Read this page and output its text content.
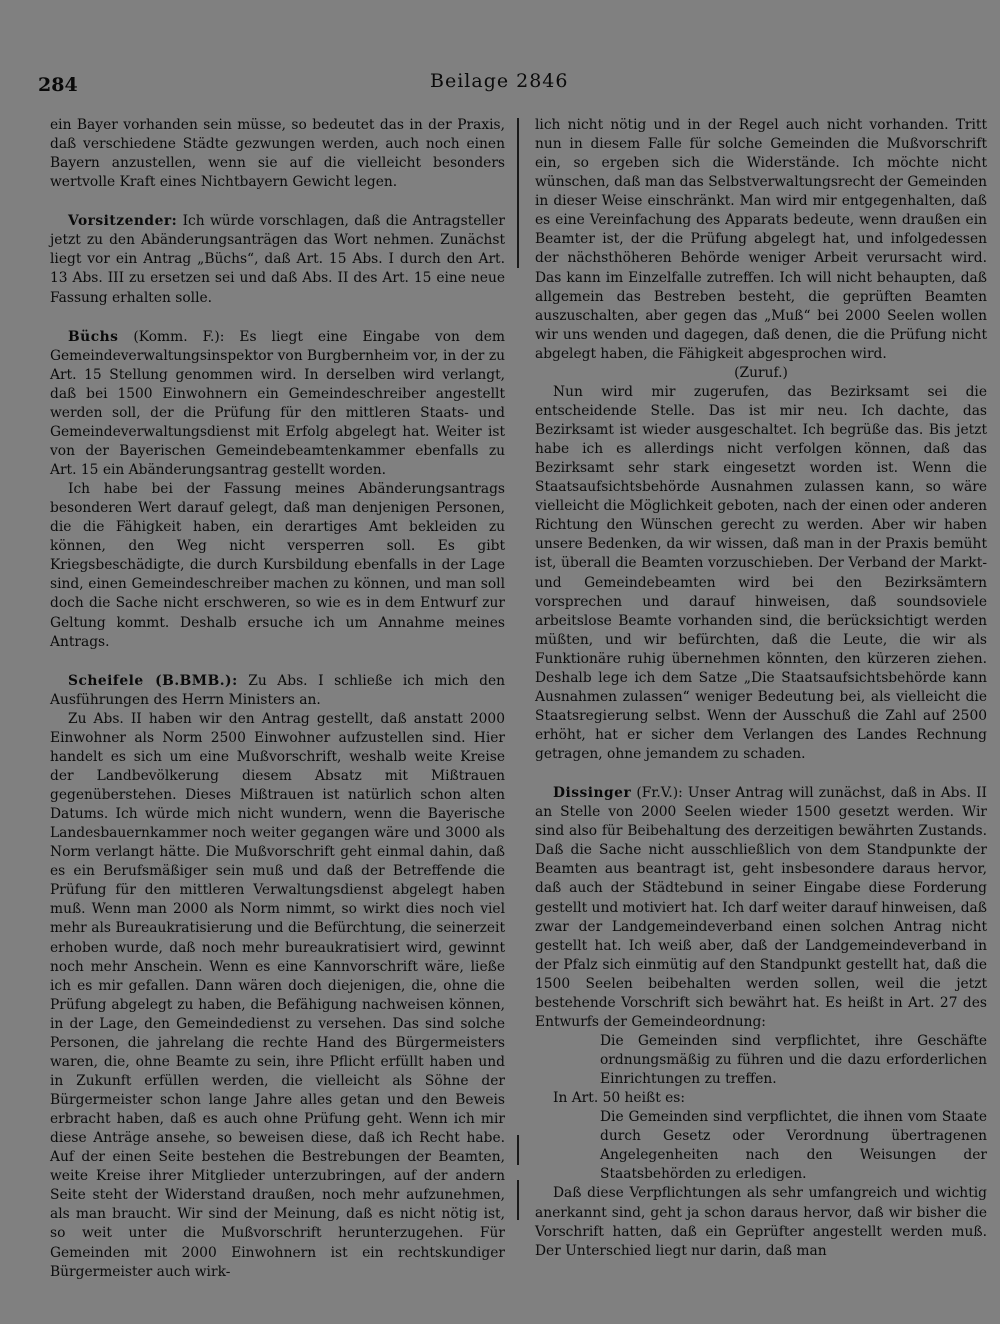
284	Beilage 2846

ein Bayer vorhanden sein müsse, so bedeutet das in der Praxis, daß verschiedene Städte gezwungen werden, auch noch einen Bayern anzustellen, wenn sie auf die vielleicht besonders wertvolle Kraft eines Nichtbayern Gewicht legen.

Vorsitzender: Ich würde vorschlagen, daß die Antragsteller jetzt zu den Abänderungsanträgen das Wort nehmen. Zunächst liegt vor ein Antrag „Büchs“, daß Art. 15 Abs. I durch den Art. 13 Abs. III zu ersetzen sei und daß Abs. II des Art. 15 eine neue Fassung erhalten solle.

Büchs (Komm. F.): Es liegt eine Eingabe von dem Gemeindeverwaltungsinspektor von Burgbernheim vor, in der zu Art. 15 Stellung genommen wird. In derselben wird verlangt, daß bei 1500 Einwohnern ein Gemeindeschreiber angestellt werden soll, der die Prüfung für den mittleren Staats- und Gemeindeverwaltungsdienst mit Erfolg abgelegt hat. Weiter ist von der Bayerischen Gemeindebeamtenkammer ebenfalls zu Art. 15 ein Abänderungsantrag gestellt worden.

Ich habe bei der Fassung meines Abänderungsantrags besonderen Wert darauf gelegt, daß man denjenigen Personen, die die Fähigkeit haben, ein derartiges Amt bekleiden zu können, den Weg nicht versperren soll. Es gibt Kriegsbeschädigte, die durch Kursbildung ebenfalls in der Lage sind, einen Gemeindeschreiber machen zu können, und man soll doch die Sache nicht erschweren, so wie es in dem Entwurf zur Geltung kommt. Deshalb ersuche ich um Annahme meines Antrags.

Scheifele (B.BMB.): Zu Abs. I schließe ich mich den Ausführungen des Herrn Ministers an.

Zu Abs. II haben wir den Antrag gestellt, daß anstatt 2000 Einwohner als Norm 2500 Einwohner aufzustellen sind. Hier handelt es sich um eine Mußvorschrift, weshalb weite Kreise der Landbevölkerung diesem Absatz mit Mißtrauen gegenüberstehen. Dieses Mißtrauen ist natürlich schon alten Datums. Ich würde mich nicht wundern, wenn die Bayerische Landesbauernkammer noch weiter gegangen wäre und 3000 als Norm verlangt hätte. Die Mußvorschrift geht einmal dahin, daß es ein Berufsmäßiger sein muß und daß der Betreffende die Prüfung für den mittleren Verwaltungsdienst abgelegt haben muß. Wenn man 2000 als Norm nimmt, so wirkt dies noch viel mehr als Bureaukratisierung und die Befürchtung, die seinerzeit erhoben wurde, daß noch mehr bureaukratisiert wird, gewinnt noch mehr Anschein. Wenn es eine Kannvorschrift wäre, ließe ich es mir gefallen. Dann wären doch diejenigen, die, ohne die Prüfung abgelegt zu haben, die Befähigung nachweisen können, in der Lage, den Gemeindedienst zu versehen. Das sind solche Personen, die jahrelang die rechte Hand des Bürgermeisters waren, die, ohne Beamte zu sein, ihre Pflicht erfüllt haben und in Zukunft erfüllen werden, die vielleicht als Söhne der Bürgermeister schon lange Jahre alles getan und den Beweis erbracht haben, daß es auch ohne Prüfung geht. Wenn ich mir diese Anträge ansehe, so beweisen diese, daß ich Recht habe. Auf der einen Seite bestehen die Bestrebungen der Beamten, weite Kreise ihrer Mitglieder unterzubringen, auf der andern Seite steht der Widerstand draußen, noch mehr aufzunehmen, als man braucht. Wir sind der Meinung, daß es nicht nötig ist, so weit unter die Mußvorschrift herunterzugehen. Für Gemeinden mit 2000 Einwohnern ist ein rechtskundiger Bürgermeister auch wirk-

lich nicht nötig und in der Regel auch nicht vorhanden. Tritt nun in diesem Falle für solche Gemeinden die Mußvorschrift ein, so ergeben sich die Widerstände. Ich möchte nicht wünschen, daß man das Selbstverwaltungsrecht der Gemeinden in dieser Weise einschränkt. Man wird mir entgegenhalten, daß es eine Vereinfachung des Apparats bedeute, wenn draußen ein Beamter ist, der die Prüfung abgelegt hat, und infolgedessen der nächsthöheren Behörde weniger Arbeit verursacht wird. Das kann im Einzelfalle zutreffen. Ich will nicht behaupten, daß allgemein das Bestreben besteht, die geprüften Beamten auszuschalten, aber gegen das „Muß“ bei 2000 Seelen wollen wir uns wenden und dagegen, daß denen, die die Prüfung nicht abgelegt haben, die Fähigkeit abgesprochen wird.

(Zuruf.)

Nun wird mir zugerufen, das Bezirksamt sei die entscheidende Stelle. Das ist mir neu. Ich dachte, das Bezirksamt ist wieder ausgeschaltet. Ich begrüße das. Bis jetzt habe ich es allerdings nicht verfolgen können, daß das Bezirksamt sehr stark eingesetzt worden ist. Wenn die Staatsaufsichtsbehörde Ausnahmen zulassen kann, so wäre vielleicht die Möglichkeit geboten, nach der einen oder anderen Richtung den Wünschen gerecht zu werden. Aber wir haben unsere Bedenken, da wir wissen, daß man in der Praxis bemüht ist, überall die Beamten vorzuschieben. Der Verband der Markt- und Gemeindebeamten wird bei den Bezirksämtern vorsprechen und darauf hinweisen, daß soundsoviele arbeitslose Beamte vorhanden sind, die berücksichtigt werden müßten, und wir befürchten, daß die Leute, die wir als Funktionäre ruhig übernehmen könnten, den kürzeren ziehen. Deshalb lege ich dem Satze „Die Staatsaufsichtsbehörde kann Ausnahmen zulassen“ weniger Bedeutung bei, als vielleicht die Staatsregierung selbst. Wenn der Ausschuß die Zahl auf 2500 erhöht, hat er sicher dem Verlangen des Landes Rechnung getragen, ohne jemandem zu schaden.

Dissinger (Fr.V.): Unser Antrag will zunächst, daß in Abs. II an Stelle von 2000 Seelen wieder 1500 gesetzt werden. Wir sind also für Beibehaltung des derzeitigen bewährten Zustands. Daß die Sache nicht ausschließlich von dem Standpunkte der Beamten aus beantragt ist, geht insbesondere daraus hervor, daß auch der Städtebund in seiner Eingabe diese Forderung gestellt und motiviert hat. Ich darf weiter darauf hinweisen, daß zwar der Landgemeindeverband einen solchen Antrag nicht gestellt hat. Ich weiß aber, daß der Landgemeindeverband in der Pfalz sich einmütig auf den Standpunkt gestellt hat, daß die 1500 Seelen beibehalten werden sollen, weil die jetzt bestehende Vorschrift sich bewährt hat. Es heißt in Art. 27 des Entwurfs der Gemeindeordnung:

Die Gemeinden sind verpflichtet, ihre Geschäfte ordnungsmäßig zu führen und die dazu erforderlichen Einrichtungen zu treffen.

In Art. 50 heißt es:

Die Gemeinden sind verpflichtet, die ihnen vom Staate durch Gesetz oder Verordnung übertragenen Angelegenheiten nach den Weisungen der Staatsbehörden zu erledigen.

Daß diese Verpflichtungen als sehr umfangreich und wichtig anerkannt sind, geht ja schon daraus hervor, daß wir bisher die Vorschrift hatten, daß ein Geprüfter angestellt werden muß. Der Unterschied liegt nur darin, daß man
